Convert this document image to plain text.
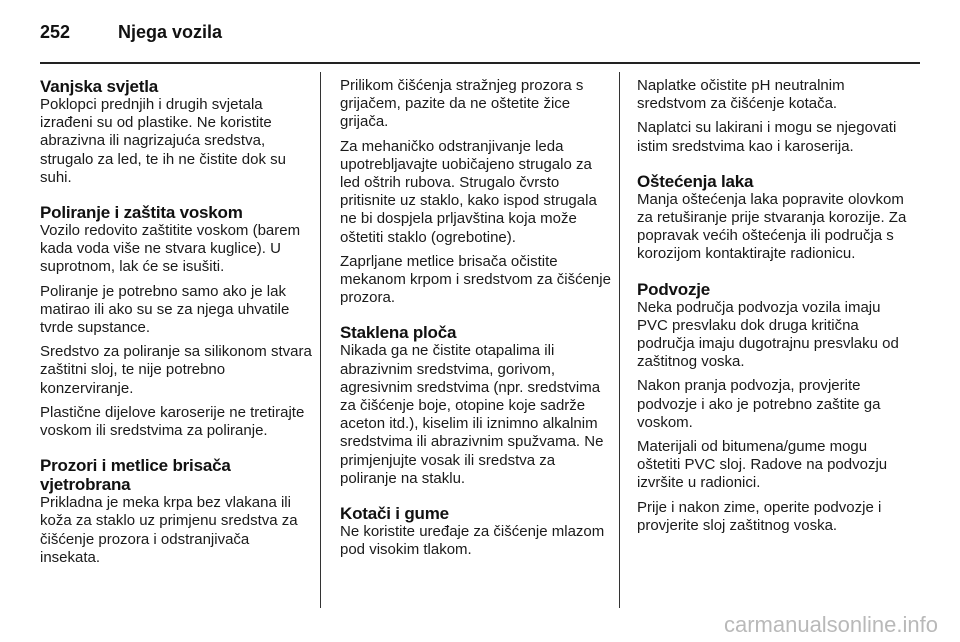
252	Njega vozila
Vanjska svjetla

Poklopci prednjih i drugih svjetala izrađeni su od plastike. Ne koristite abrazivna ili nagrizajuća sredstva, strugalo za led, te ih ne čistite dok su suhi.

Poliranje i zaštita voskom

Vozilo redovito zaštitite voskom (barem kada voda više ne stvara kuglice). U suprotnom, lak će se isušiti.

Poliranje je potrebno samo ako je lak matirao ili ako su se za njega uhvatile tvrde supstance.

Sredstvo za poliranje sa silikonom stvara zaštitni sloj, te nije potrebno konzerviranje.

Plastične dijelove karoserije ne tretirajte voskom ili sredstvima za poliranje.

Prozori i metlice brisača vjetrobrana

Prikladna je meka krpa bez vlakana ili koža za staklo uz primjenu sredstva za čišćenje prozora i odstranjivača insekata.

Prilikom čišćenja stražnjeg prozora s grijačem, pazite da ne oštetite žice grijača.

Za mehaničko odstranjivanje leda upotrebljavajte uobičajeno strugalo za led oštrih rubova. Strugalo čvrsto pritisnite uz staklo, kako ispod strugala ne bi dospjela prljavština koja može oštetiti staklo (ogrebotine).

Zaprljane metlice brisača očistite mekanom krpom i sredstvom za čišćenje prozora.

Staklena ploča

Nikada ga ne čistite otapalima ili abrazivnim sredstvima, gorivom, agresivnim sredstvima (npr. sredstvima za čišćenje boje, otopine koje sadrže aceton itd.), kiselim ili iznimno alkalnim sredstvima ili abrazivnim spužvama. Ne primjenjujte vosak ili sredstva za poliranje na staklu.

Kotači i gume

Ne koristite uređaje za čišćenje mlazom pod visokim tlakom.

Naplatke očistite pH neutralnim sredstvom za čišćenje kotača.

Naplatci su lakirani i mogu se njegovati istim sredstvima kao i karoserija.

Oštećenja laka

Manja oštećenja laka popravite olovkom za retuširanje prije stvaranja korozije. Za popravak većih oštećenja ili područja s korozijom kontaktirajte radionicu.

Podvozje

Neka područja podvozja vozila imaju PVC presvlaku dok druga kritična područja imaju dugotrajnu presvlaku od zaštitnog voska.

Nakon pranja podvozja, provjerite podvozje i ako je potrebno zaštite ga voskom.

Materijali od bitumena/gume mogu oštetiti PVC sloj. Radove na podvozju izvršite u radionici.

Prije i nakon zime, operite podvozje i provjerite sloj zaštitnog voska.

carmanualsonline.info
